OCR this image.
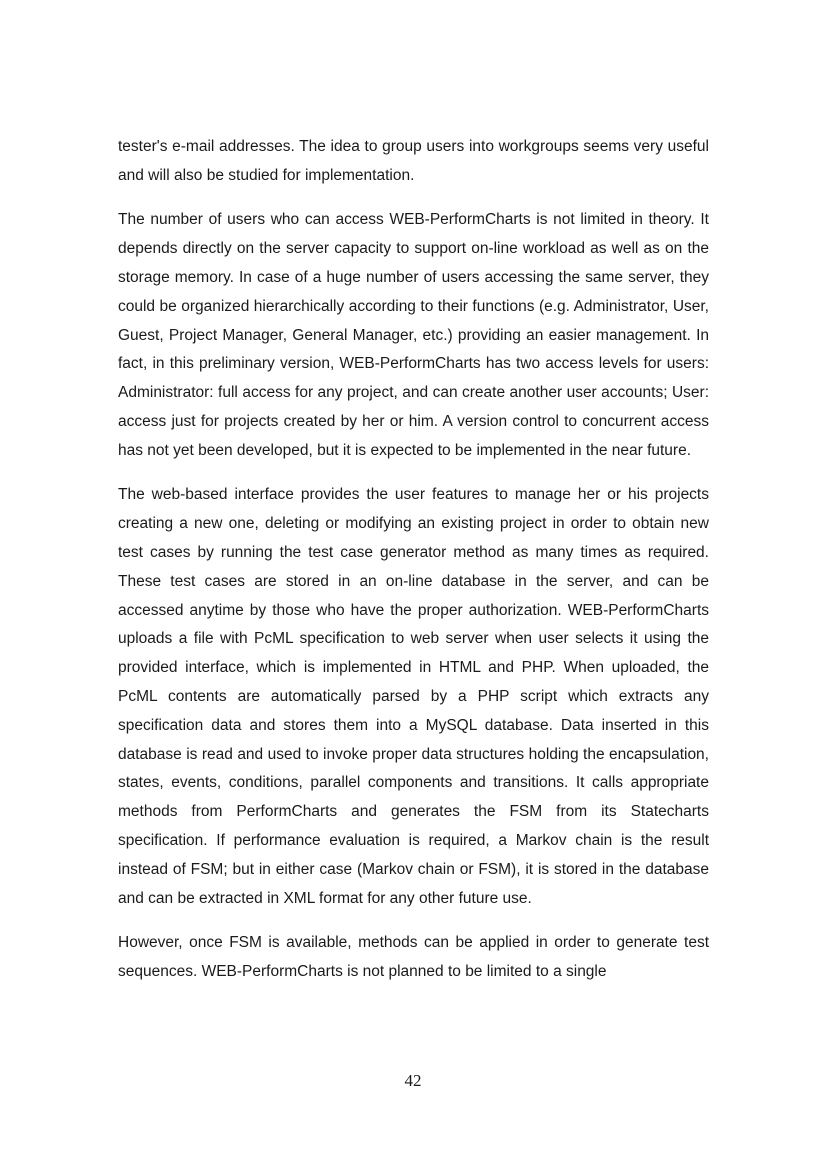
tester's e-mail addresses. The idea to group users into workgroups seems very useful and will also be studied for implementation.

The number of users who can access WEB-PerformCharts is not limited in theory. It depends directly on the server capacity to support on-line workload as well as on the storage memory. In case of a huge number of users accessing the same server, they could be organized hierarchically according to their functions (e.g. Administrator, User, Guest, Project Manager, General Manager, etc.) providing an easier management. In fact, in this preliminary version, WEB-PerformCharts has two access levels for users: Administrator: full access for any project, and can create another user accounts; User: access just for projects created by her or him. A version control to concurrent access has not yet been developed, but it is expected to be implemented in the near future.

The web-based interface provides the user features to manage her or his projects creating a new one, deleting or modifying an existing project in order to obtain new test cases by running the test case generator method as many times as required. These test cases are stored in an on-line database in the server, and can be accessed anytime by those who have the proper authorization. WEB-PerformCharts uploads a file with PcML specification to web server when user selects it using the provided interface, which is implemented in HTML and PHP. When uploaded, the PcML contents are automatically parsed by a PHP script which extracts any specification data and stores them into a MySQL database. Data inserted in this database is read and used to invoke proper data structures holding the encapsulation, states, events, conditions, parallel components and transitions. It calls appropriate methods from PerformCharts and generates the FSM from its Statecharts specification. If performance evaluation is required, a Markov chain is the result instead of FSM; but in either case (Markov chain or FSM), it is stored in the database and can be extracted in XML format for any other future use.

However, once FSM is available, methods can be applied in order to generate test sequences. WEB-PerformCharts is not planned to be limited to a single

42
